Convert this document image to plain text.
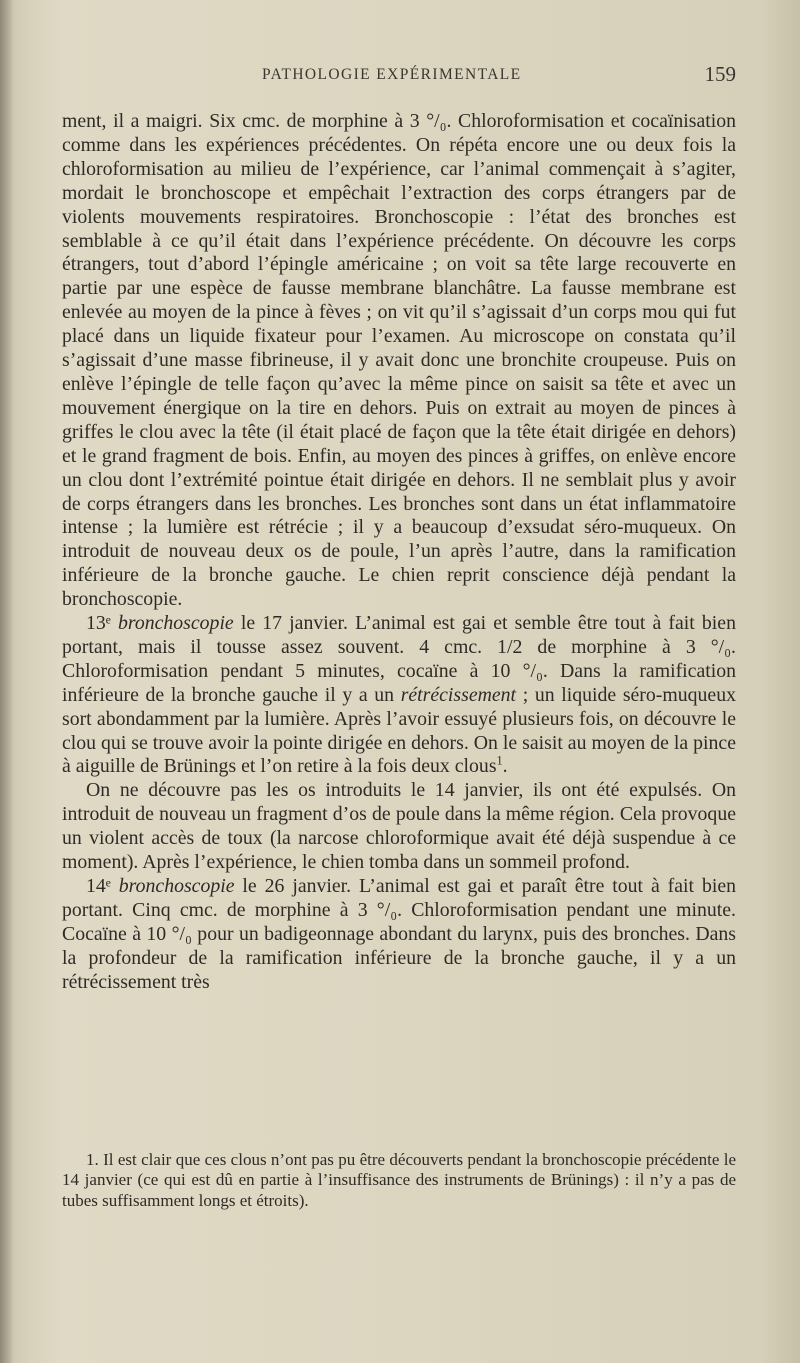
PATHOLOGIE EXPÉRIMENTALE	159

ment, il a maigri. Six cmc. de morphine à 3 °/₀. Chloroformisation et cocaïnisation comme dans les expériences précédentes. On répéta encore une ou deux fois la chloroformisation au milieu de l’expérience, car l’animal commençait à s’agiter, mordait le bronchoscope et empêchait l’extraction des corps étrangers par de violents mouvements respiratoires. Bronchoscopie : l’état des bronches est semblable à ce qu’il était dans l’expérience précédente. On découvre les corps étrangers, tout d’abord l’épingle américaine ; on voit sa tête large recouverte en partie par une espèce de fausse membrane blanchâtre. La fausse membrane est enlevée au moyen de la pince à fèves ; on vit qu’il s’agissait d’un corps mou qui fut placé dans un liquide fixateur pour l’examen. Au microscope on constata qu’il s’agissait d’une masse fibrineuse, il y avait donc une bronchite croupeuse. Puis on enlève l’épingle de telle façon qu’avec la même pince on saisit sa tête et avec un mouvement énergique on la tire en dehors. Puis on extrait au moyen de pinces à griffes le clou avec la tête (il était placé de façon que la tête était dirigée en dehors) et le grand fragment de bois. Enfin, au moyen des pinces à griffes, on enlève encore un clou dont l’extrémité pointue était dirigée en dehors. Il ne semblait plus y avoir de corps étrangers dans les bronches. Les bronches sont dans un état inflammatoire intense ; la lumière est rétrécie ; il y a beaucoup d’exsudat séro-muqueux. On introduit de nouveau deux os de poule, l’un après l’autre, dans la ramification inférieure de la bronche gauche. Le chien reprit conscience déjà pendant la bronchoscopie.

13ᵉ bronchoscopie le 17 janvier. L’animal est gai et semble être tout à fait bien portant, mais il tousse assez souvent. 4 cmc. 1/2 de morphine à 3 °/₀. Chloroformisation pendant 5 minutes, cocaïne à 10 °/₀. Dans la ramification inférieure de la bronche gauche il y a un rétrécissement ; un liquide séro-muqueux sort abondamment par la lumière. Après l’avoir essuyé plusieurs fois, on découvre le clou qui se trouve avoir la pointe dirigée en dehors. On le saisit au moyen de la pince à aiguille de Brünings et l’on retire à la fois deux clous$^1$.

On ne découvre pas les os introduits le 14 janvier, ils ont été expulsés. On introduit de nouveau un fragment d’os de poule dans la même région. Cela provoque un violent accès de toux (la narcose chloroformique avait été déjà suspendue à ce moment). Après l’expérience, le chien tomba dans un sommeil profond.

14ᵉ bronchoscopie le 26 janvier. L’animal est gai et paraît être tout à fait bien portant. Cinq cmc. de morphine à 3 °/₀. Chloroformisation pendant une minute. Cocaïne à 10 °/₀ pour un badigeonnage abondant du larynx, puis des bronches. Dans la profondeur de la ramification inférieure de la bronche gauche, il y a un rétrécissement très

1. Il est clair que ces clous n’ont pas pu être découverts pendant la bronchoscopie précédente le 14 janvier (ce qui est dû en partie à l’insuffisance des instruments de Brünings) : il n’y a pas de tubes suffisamment longs et étroits).
